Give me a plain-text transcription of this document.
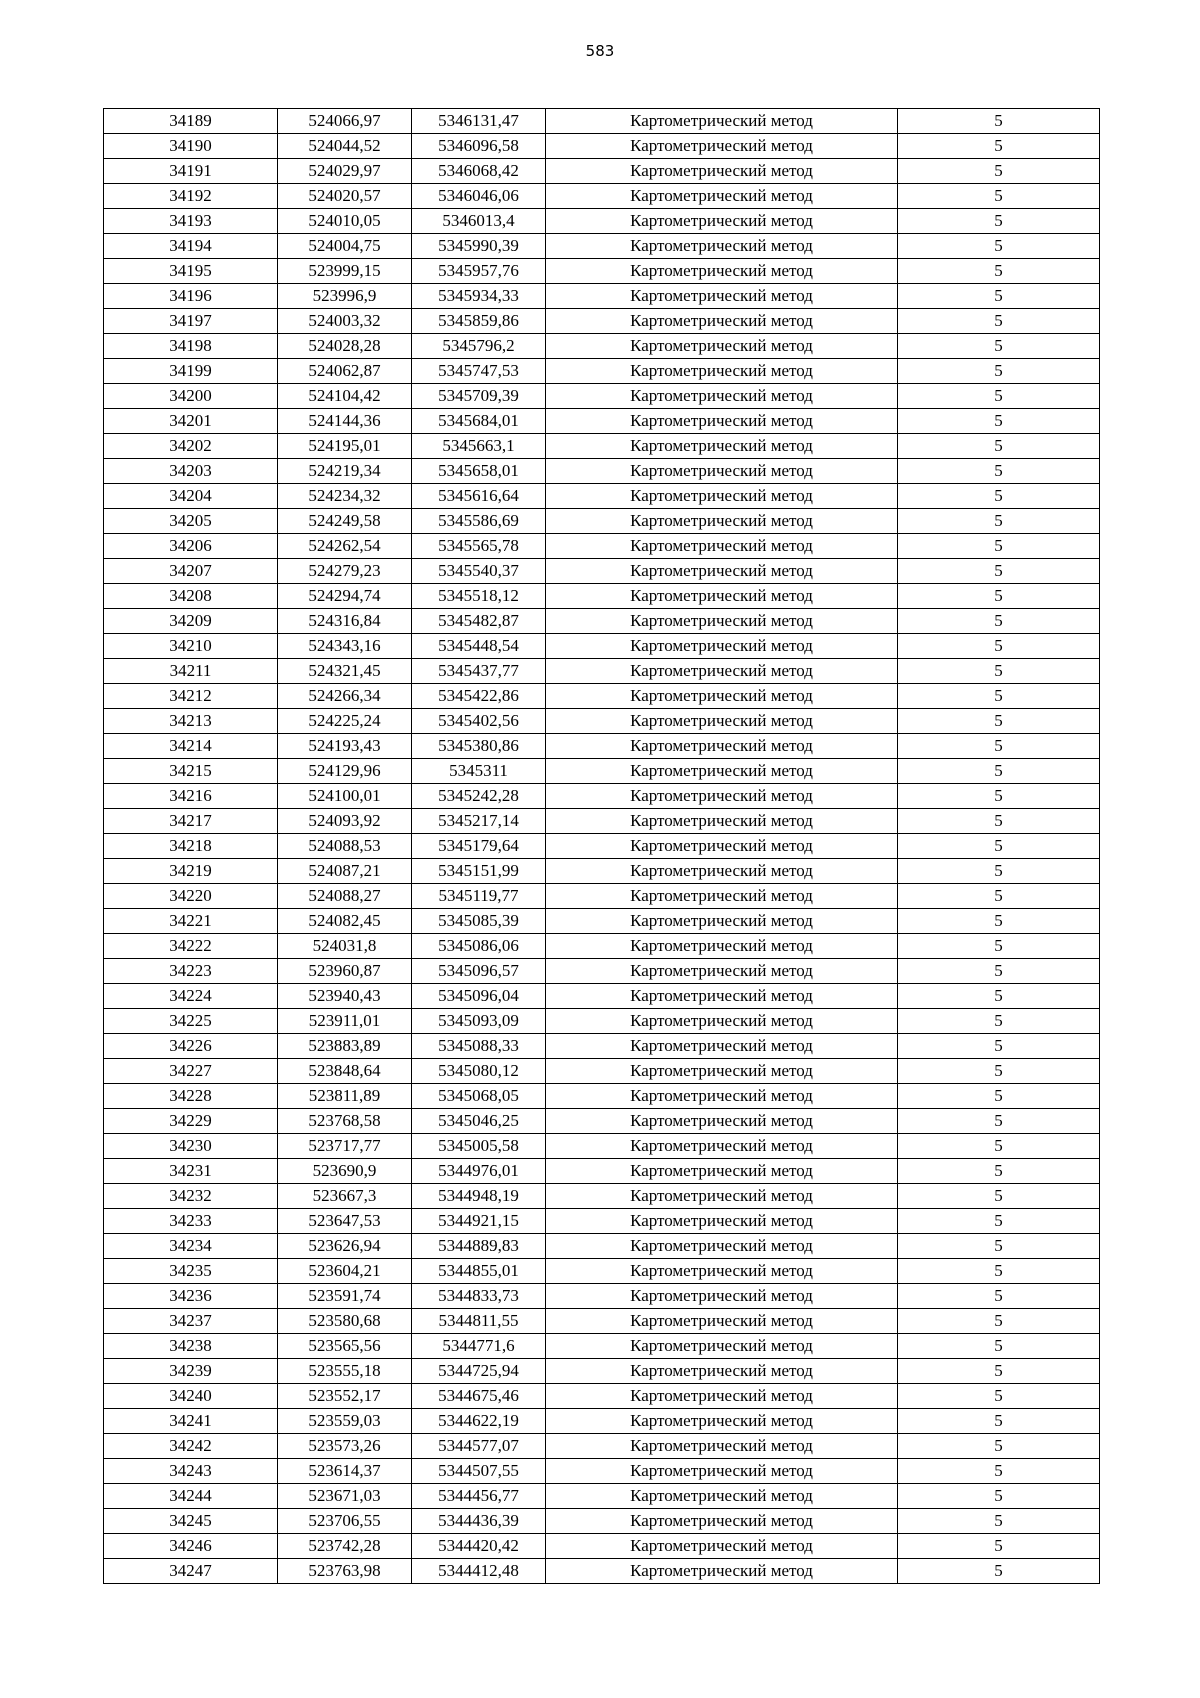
583
34189	524066,97	5346131,47	Картометрический метод	5
34190	524044,52	5346096,58	Картометрический метод	5
34191	524029,97	5346068,42	Картометрический метод	5
34192	524020,57	5346046,06	Картометрический метод	5
34193	524010,05	5346013,4	Картометрический метод	5
34194	524004,75	5345990,39	Картометрический метод	5
34195	523999,15	5345957,76	Картометрический метод	5
34196	523996,9	5345934,33	Картометрический метод	5
34197	524003,32	5345859,86	Картометрический метод	5
34198	524028,28	5345796,2	Картометрический метод	5
34199	524062,87	5345747,53	Картометрический метод	5
34200	524104,42	5345709,39	Картометрический метод	5
34201	524144,36	5345684,01	Картометрический метод	5
34202	524195,01	5345663,1	Картометрический метод	5
34203	524219,34	5345658,01	Картометрический метод	5
34204	524234,32	5345616,64	Картометрический метод	5
34205	524249,58	5345586,69	Картометрический метод	5
34206	524262,54	5345565,78	Картометрический метод	5
34207	524279,23	5345540,37	Картометрический метод	5
34208	524294,74	5345518,12	Картометрический метод	5
34209	524316,84	5345482,87	Картометрический метод	5
34210	524343,16	5345448,54	Картометрический метод	5
34211	524321,45	5345437,77	Картометрический метод	5
34212	524266,34	5345422,86	Картометрический метод	5
34213	524225,24	5345402,56	Картометрический метод	5
34214	524193,43	5345380,86	Картометрический метод	5
34215	524129,96	5345311	Картометрический метод	5
34216	524100,01	5345242,28	Картометрический метод	5
34217	524093,92	5345217,14	Картометрический метод	5
34218	524088,53	5345179,64	Картометрический метод	5
34219	524087,21	5345151,99	Картометрический метод	5
34220	524088,27	5345119,77	Картометрический метод	5
34221	524082,45	5345085,39	Картометрический метод	5
34222	524031,8	5345086,06	Картометрический метод	5
34223	523960,87	5345096,57	Картометрический метод	5
34224	523940,43	5345096,04	Картометрический метод	5
34225	523911,01	5345093,09	Картометрический метод	5
34226	523883,89	5345088,33	Картометрический метод	5
34227	523848,64	5345080,12	Картометрический метод	5
34228	523811,89	5345068,05	Картометрический метод	5
34229	523768,58	5345046,25	Картометрический метод	5
34230	523717,77	5345005,58	Картометрический метод	5
34231	523690,9	5344976,01	Картометрический метод	5
34232	523667,3	5344948,19	Картометрический метод	5
34233	523647,53	5344921,15	Картометрический метод	5
34234	523626,94	5344889,83	Картометрический метод	5
34235	523604,21	5344855,01	Картометрический метод	5
34236	523591,74	5344833,73	Картометрический метод	5
34237	523580,68	5344811,55	Картометрический метод	5
34238	523565,56	5344771,6	Картометрический метод	5
34239	523555,18	5344725,94	Картометрический метод	5
34240	523552,17	5344675,46	Картометрический метод	5
34241	523559,03	5344622,19	Картометрический метод	5
34242	523573,26	5344577,07	Картометрический метод	5
34243	523614,37	5344507,55	Картометрический метод	5
34244	523671,03	5344456,77	Картометрический метод	5
34245	523706,55	5344436,39	Картометрический метод	5
34246	523742,28	5344420,42	Картометрический метод	5
34247	523763,98	5344412,48	Картометрический метод	5
